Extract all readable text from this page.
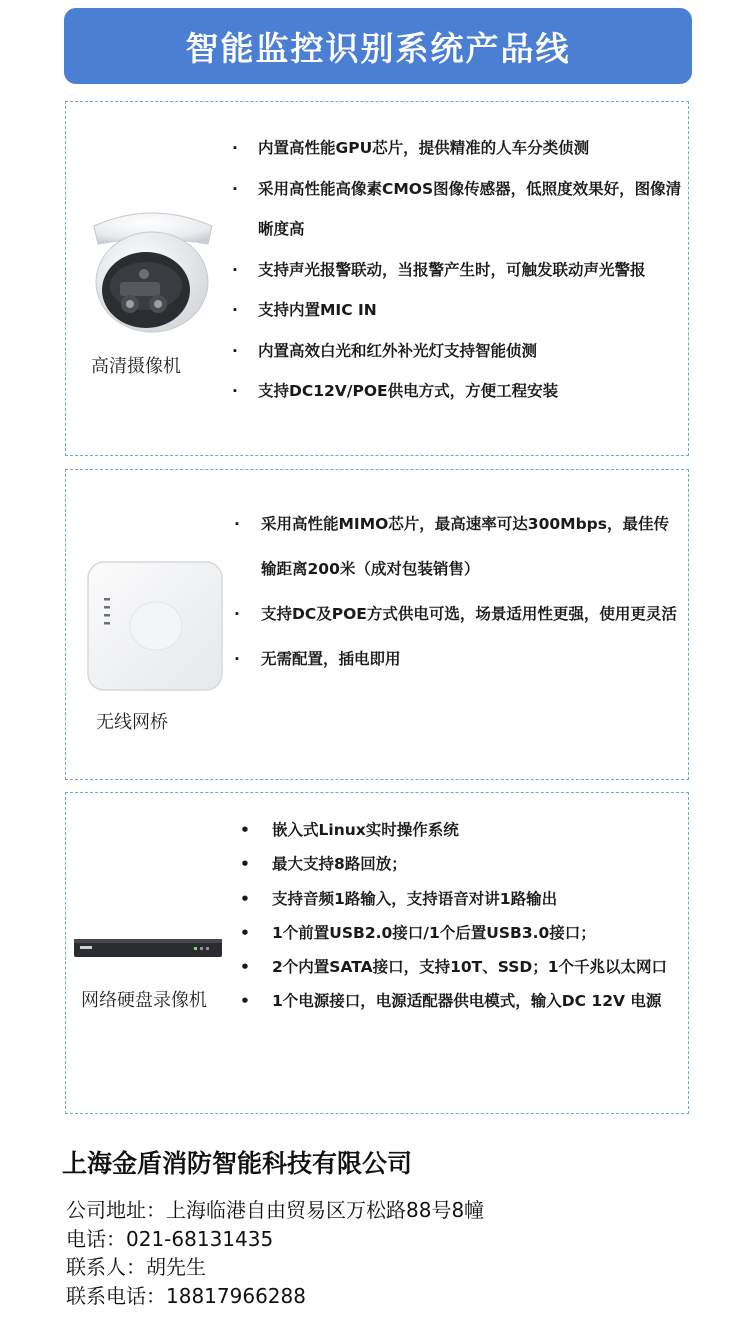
智能监控识别系统产品线
高清摄像机
· 内置高性能GPU芯片，提供精准的人车分类侦测
· 采用高性能高像素CMOS图像传感器，低照度效果好，图像清晰度高
· 支持声光报警联动，当报警产生时，可触发联动声光警报
· 支持内置MIC IN
· 内置高效白光和红外补光灯支持智能侦测
· 支持DC12V/POE供电方式，方便工程安装
无线网桥
· 采用高性能MIMO芯片，最高速率可达300Mbps，最佳传输距离200米（成对包装销售）
· 支持DC及POE方式供电可选，场景适用性更强，使用更灵活
· 无需配置，插电即用
网络硬盘录像机
• 嵌入式Linux实时操作系统
• 最大支持8路回放；
• 支持音频1路输入，支持语音对讲1路输出
• 1个前置USB2.0接口/1个后置USB3.0接口；
• 2个内置SATA接口，支持10T、SSD；1个千兆以太网口
• 1个电源接口，电源适配器供电模式，输入DC 12V 电源
上海金盾消防智能科技有限公司
公司地址：上海临港自由贸易区万松路88号8幢
电话：021-68131435
联系人：胡先生
联系电话：18817966288
